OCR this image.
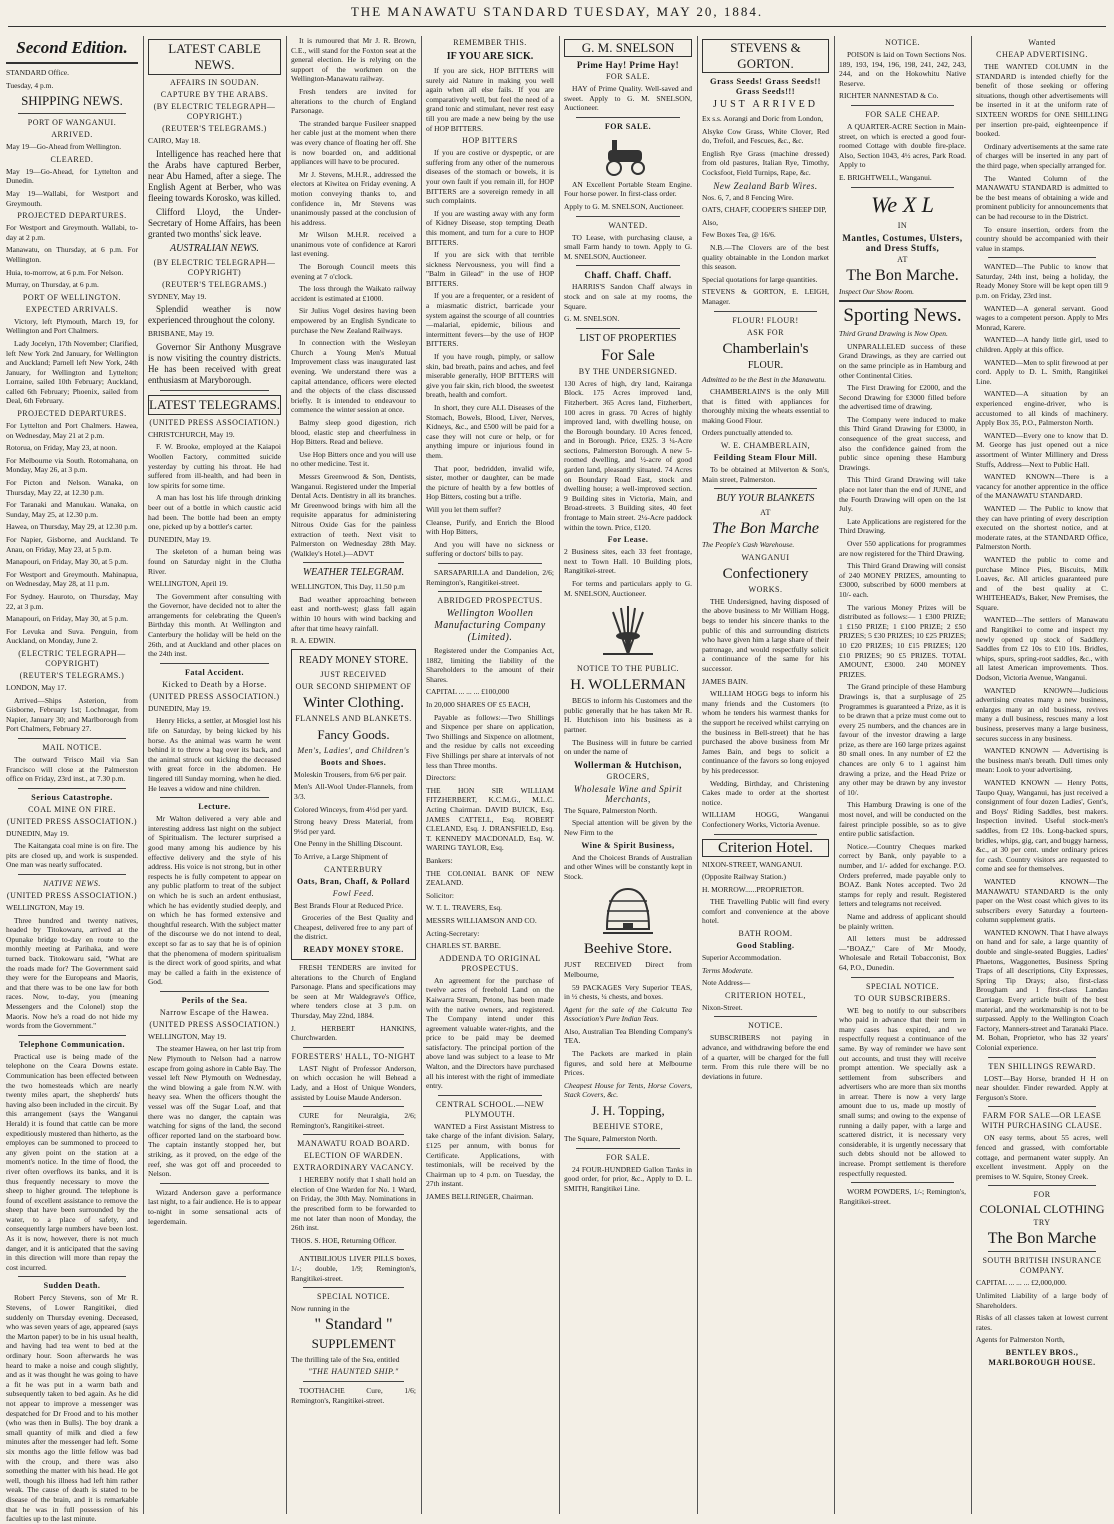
THE MANAWATU STANDARD TUESDAY, MAY 20, 1884.
Second Edition.

STANDARD Office.

Tuesday, 4 p.m.

SHIPPING NEWS.
PORT OF WANGANUI.
ARRIVED.

May 19—Go-Ahead from Wellington.

CLEARED.

May 19—Go-Ahead, for Lyttelton and Dunedin.

May 19—Wallabi, for Westport and Greymouth.

PROJECTED DEPARTURES.

For Westport and Greymouth. Wallabi, to-day at 2 p.m.

Manawatu, on Thursday, at 6 p.m. For Wellington.

Huia, to-morrow, at 6 p.m. For Nelson.

Murray, on Thursday, at 6 p.m.

PORT OF WELLINGTON.
EXPECTED ARRIVALS.

Victory, left Plymouth, March 19, for Wellington and Port Chalmers.

Lady Jocelyn, 17th November; Clarified, left New York 2nd January, for Wellington and Auckland; Parnell left New York, 24th January, for Wellington and Lyttelton; Lorraine, sailed 10th February; Auckland, called 6th February; Phoenix, sailed from Deal, 6th February.

PROJECTED DEPARTURES.

For Lyttelton and Port Chalmers. Hawea, on Wednesday, May 21 at 2 p.m.

Rotorua, on Friday, May 23, at noon.

For Melbourne via South. Rotomahana, on Monday, May 26, at 3 p.m.

For Picton and Nelson. Wanaka, on Thursday, May 22, at 12.30 p.m.

For Taranaki and Manukau. Wanaka, on Sunday, May 25, at 12.30 p.m.

Hawea, on Thursday, May 29, at 12.30 p.m.

For Napier, Gisborne, and Auckland. Te Anau, on Friday, May 23, at 5 p.m.

Manapouri, on Friday, May 30, at 5 p.m.

For Westport and Greymouth. Mahinapua, on Wednesday, May 28, at 11 p.m.

For Sydney. Hauroto, on Thursday, May 22, at 3 p.m.

Manapouri, on Friday, May 30, at 5 p.m.

For Levuka and Suva. Penguin, from Auckland, on Monday, June 2.

(ELECTRIC TELEGRAPH—COPYRIGHT)
(REUTER'S TELEGRAMS.)

LONDON, May 17.

Arrived—Ships Asterion, from Gisborne, February 1st; Lochnagar, from Napier, January 30; and Marlborough from Port Chalmers, February 27.

MAIL NOTICE.

The outward 'Frisco Mail via San Francisco will close at the Palmerston office on Friday, 23rd inst., at 7.30 p.m.

Serious Catastrophe.
COAL MINE ON FIRE.
(UNITED PRESS ASSOCIATION.)

DUNEDIN, May 19.

The Kaitangata coal mine is on fire. The pits are closed up, and work is suspended. One man was nearly suffocated.

NATIVE NEWS.
(UNITED PRESS ASSOCIATION.)

WELLINGTON, May 19.

Three hundred and twenty natives, headed by Titokowaru, arrived at the Opunake bridge to-day en route to the monthly meeting at Parihaka, and were turned back. Titokowaru said, "What are the roads made for? The Government said they were for the Europeans and Maoris, and that there was to be one law for both races. Now, to-day, you (meaning Messengers and the Colonel) stop the Maoris. Now he's a road do not hide my words from the Government."

Telephone Communication.

Practical use is being made of the telephone on the Ceara Downs estate. Communication has been effected between the two homesteads which are nearly twenty miles apart, the shepherds' huts having also been included in the circuit. By this arrangement (says the Wanganui Herald) it is found that cattle can be more expeditiously mustered than hitherto, as the employes can be summoned to proceed to any given point on the station at a moment's notice. In the time of flood, the river often overflows its banks, and it is thus frequently necessary to move the sheep to higher ground. The telephone is found of excellent assistance to remove the sheep that have been surrounded by the water, to a place of safety, and consequently large numbers have been lost. As it is now, however, there is not much danger, and it is anticipated that the saving in this direction will more than repay the cost incurred.

Sudden Death.

Robert Percy Stevens, son of Mr R. Stevens, of Lower Rangitikei, died suddenly on Thursday evening. Deceased, who was seven years of age, appeared (says the Marton paper) to be in his usual health, and having had tea went to bed at the ordinary hour. Soon afterwards he was heard to make a noise and cough slightly, and as it was thought he was going to have a fit he was put in a warm bath and subsequently taken to bed again. As he did not appear to improve a messenger was despatched for Dr Frood and to his mother (who was then in Bulls). The boy drank a small quantity of milk and died a few minutes after the messenger had left. Some six months ago the little fellow was bad with the croup, and there was also something the matter with his head. He got well, though his illness had left him rather weak. The cause of death is stated to be disease of the brain, and it is remarkable that he was in full possession of his faculties up to the last minute.

LATEST CABLE NEWS.
AFFAIRS IN SOUDAN.
CAPTURE BY THE ARABS.
(BY ELECTRIC TELEGRAPH—COPYRIGHT.)
(REUTER'S TELEGRAMS.)

CAIRO, May 18.

Intelligence has reached here that the Arabs have captured Berber, near Abu Hamed, after a siege. The English Agent at Berber, who was fleeing towards Korosko, was killed.

Clifford Lloyd, the Under-Secretary of Home Affairs, has been granted two months' sick leave.

AUSTRALIAN NEWS.
(BY ELECTRIC TELEGRAPH—COPYRIGHT)
(REUTER'S TELEGRAMS.)

SYDNEY, May 19.

Splendid weather is now experienced throughout the colony.

BRISBANE, May 19.

Governor Sir Anthony Musgrave is now visiting the country districts. He has been received with great enthusiasm at Maryborough.

LATEST TELEGRAMS.
(UNITED PRESS ASSOCIATION.)

CHRISTCHURCH, May 19.

F. W. Brooke, employed at the Kaiapoi Woollen Factory, committed suicide yesterday by cutting his throat. He had suffered from ill-health, and had been in low spirits for some time.

A man has lost his life through drinking beer out of a bottle in which caustic acid had been. The bottle had been an empty one, picked up by a bottler's carter.

DUNEDIN, May 19.

The skeleton of a human being was found on Saturday night in the Clutha River.

WELLINGTON, April 19.

The Government after consulting with the Governor, have decided not to alter the arrangements for celebrating the Queen's Birthday this month. At Wellington and Canterbury the holiday will be held on the 26th, and at Auckland and other places on the 24th inst.

Fatal Accident.
Kicked to Death by a Horse.
(UNITED PRESS ASSOCIATION.)

DUNEDIN, May 19.

Henry Hicks, a settler, at Mosgiel lost his life on Saturday, by being kicked by his horse. As the animal was warm he went behind it to throw a bag over its back, and the animal struck out kicking the deceased with great force in the abdomen. He lingered till Sunday morning, when he died. He leaves a widow and nine children.

Lecture.

Mr Walton delivered a very able and interesting address last night on the subject of Spiritualism. The lecturer surprised a good many among his audience by his effective delivery and the style of his address. His voice is not strong, but in other respects he is fully competent to appear on any public platform to treat of the subject on which he is such an ardent enthusiast, which he has evidently studied deeply, and on which he has formed extensive and thoughtful research. With the subject matter of the discourse we do not intend to deal, except so far as to say that he is of opinion that the phenomena of modern spiritualism is the direct work of good spirits, and what may be called a faith in the existence of God.

Perils of the Sea.
Narrow Escape of the Hawea.
(UNITED PRESS ASSOCIATION.)

WELLINGTON, May 19.

The steamer Hawea, on her last trip from New Plymouth to Nelson had a narrow escape from going ashore in Cable Bay. The vessel left New Plymouth on Wednesday, the wind blowing a gale from N.W. with heavy sea. When the officers thought the vessel was off the Sugar Loaf, and that there was no danger, the captain was watching for signs of the land, the second officer reported land on the starboard bow. The captain instantly stopped her, but striking, as it proved, on the edge of the reef, she was got off and proceeded to Nelson.

Wizard Anderson gave a performance last night, to a fair audience. He is to appear to-night in some sensational acts of legerdemain.

It is rumoured that Mr J. R. Brown, C.E., will stand for the Foxton seat at the general election. He is relying on the support of the workmen on the Wellington-Manawatu railway.

Fresh tenders are invited for alterations to the church of England Parsonage.

The stranded barque Fusileer snapped her cable just at the moment when there was every chance of floating her off. She is now boarded on, and additional appliances will have to be procured.

Mr J. Stevens, M.H.R., addressed the electors at Kiwitea on Friday evening. A motion conveying thanks to, and confidence in, Mr Stevens was unanimously passed at the conclusion of his address.

Mr Wilson M.H.R. received a unanimous vote of confidence at Karori last evening.

The Borough Council meets this evening at 7 o'clock.

The loss through the Waikato railway accident is estimated at £1000.

Sir Julius Vogel desires having been empowered by an English Syndicate to purchase the New Zealand Railways.

In connection with the Wesleyan Church a Young Men's Mutual Improvement class was inaugurated last evening. We understand there was a capital attendance, officers were elected and the objects of the class discussed briefly. It is intended to endeavour to commence the winter session at once.

Balmy sleep good digestion, rich blood, elastic step and cheerfulness in Hop Bitters. Read and believe.

Use Hop Bitters once and you will use no other medicine. Test it.

Messrs Greenwood & Son, Dentists, Wanganui. Registered under the Imperial Dental Acts. Dentistry in all its branches. Mr Greenwood brings with him all the requisite apparatus for administering Nitrous Oxide Gas for the painless extraction of teeth. Next visit to Palmerston on Wednesday 28th May. (Walkley's Hotel.)—ADVT

WEATHER TELEGRAM.

WELLINGTON, This Day, 11.50 p.m

Bad weather approaching between east and north-west; glass fall again within 10 hours with wind backing and after that time heavy rainfall.

R. A. EDWIN.

READY MONEY STORE.
JUST RECEIVED
OUR SECOND SHIPMENT OF
Winter Clothing.
FLANNELS AND BLANKETS.
Fancy Goods.
Men's, Ladies', and Children's
Boots and Shoes.

Moleskin Trousers, from 6/6 per pair.

Men's All-Wool Under-Flannels, from 3/3.

Colored Winceys, from 4½d per yard.

Strong heavy Dress Material, from 9½d per yard.

One Penny in the Shilling Discount.

To Arrive, a Large Shipment of

CANTERBURY
Oats, Bran, Chaff, & Pollard
Fowl Feed.

Best Brands Flour at Reduced Price.

Groceries of the Best Quality and Cheapest, delivered free to any part of the district.

READY MONEY STORE.

FRESH TENDERS are invited for alterations to the Church of England Parsonage. Plans and specifications may be seen at Mr Waldegrave's Office, where tenders close at 3 p.m. on Thursday, May 22nd, 1884.

J. HERBERT HANKINS, Churchwarden.

FORESTERS' HALL, TO-NIGHT

LAST Night of Professor Anderson, on which occasion he will Behead a Lady, and a Host of Unique Wonders, assisted by Louise Maude Anderson.

CURE for Neuralgia, 2/6; Remington's, Rangitikei-street.

MANAWATU ROAD BOARD.
ELECTION OF WARDEN.
EXTRAORDINARY VACANCY.

I HEREBY notify that I shall hold an election of One Warden for No. 1 Ward, on Friday, the 30th May. Nominations in the prescribed form to be forwarded to me not later than noon of Monday, the 26th inst.

THOS. S. HOE, Returning Officer.

ANTIBILIOUS LIVER PILLS boxes, 1/-; double, 1/9; Remington's, Rangitikei-street.

SPECIAL NOTICE.

Now running in the

" Standard "
SUPPLEMENT

The thrilling tale of the Sea, entitled

"THE HAUNTED SHIP."

TOOTHACHE Cure, 1/6; Remington's, Rangitikei-street.

REMEMBER THIS.
IF YOU ARE SICK.

If you are sick, HOP BITTERS will surely aid Nature in making you well again when all else fails. If you are comparatively well, but feel the need of a grand tonic and stimulant, never rest easy till you are made a new being by the use of HOP BITTERS.

HOP BITTERS

If you are costive or dyspeptic, or are suffering from any other of the numerous diseases of the stomach or bowels, it is your own fault if you remain ill, for HOP BITTERS are a sovereign remedy in all such complaints.

If you are wasting away with any form of Kidney Disease, stop tempting Death this moment, and turn for a cure to HOP BITTERS.

If you are sick with that terrible sickness Nervousness, you will find a "Balm in Gilead" in the use of HOP BITTERS.

If you are a frequenter, or a resident of a miasmatic district, barricade your system against the scourge of all countries—malarial, epidemic, bilious and intermittent fevers—by the use of HOP BITTERS.

If you have rough, pimply, or sallow skin, bad breath, pains and aches, and feel miserable generally, HOP BITTERS will give you fair skin, rich blood, the sweetest breath, health and comfort.

In short, they cure ALL Diseases of the Stomach, Bowels, Blood, Liver, Nerves, Kidneys, &c., and £500 will be paid for a case they will not cure or help, or for anything impure or injurious found in them.

That poor, bedridden, invalid wife, sister, mother or daughter, can be made the picture of health by a few bottles of Hop Bitters, costing but a trifle.

Will you let them suffer?

Cleanse, Purify, and Enrich the Blood with Hop Bitters,

And you will have no sickness or suffering or doctors' bills to pay.

SARSAPARILLA and Dandelion, 2/6; Remington's, Rangitikei-street.

ABRIDGED PROSPECTUS.
Wellington Woollen Manufacturing Company (Limited).

Registered under the Companies Act, 1882, limiting the liability of the Shareholders to the amount of their Shares.

CAPITAL ... ... ... £100,000

In 20,000 SHARES OF £5 EACH,

Payable as follows:—Two Shillings and Sixpence per share on application, Two Shillings and Sixpence on allotment, and the residue by calls not exceeding Five Shillings per share at intervals of not less than Three months.

Directors:

THE HON SIR WILLIAM FITZHERBERT, K.C.M.G., M.L.C. Acting Chairman. DAVID BUICK, Esq. JAMES CATTELL, Esq. ROBERT CLELAND, Esq. J. DRANSFIELD, Esq. T. KENNEDY MACDONALD, Esq. W. WARING TAYLOR, Esq.

Bankers:

THE COLONIAL BANK OF NEW ZEALAND.

Solicitor:

W. T. L. TRAVERS, Esq.

MESSRS WILLIAMSON AND CO.

Acting-Secretary:

CHARLES ST. BARBE.

ADDENDA TO ORIGINAL PROSPECTUS.

An agreement for the purchase of twelve acres of freehold Land on the Kaiwarra Stream, Petone, has been made with the native owners, and registered. The Company intend under this agreement valuable water-rights, and the price to be paid may be deemed satisfactory. The principal portion of the above land was subject to a lease to Mr Walton, and the Directors have purchased all his interest with the right of immediate entry.

CENTRAL SCHOOL.—NEW PLYMOUTH.

WANTED a First Assistant Mistress to take charge of the infant division. Salary, £125 per annum, with bonus for Certificate. Applications, with testimonials, will be received by the Chairman up to 4 p.m. on Tuesday, the 27th instant.

JAMES BELLRINGER, Chairman.

G. M. SNELSON
Prime Hay! Prime Hay!
FOR SALE.

HAY of Prime Quality. Well-saved and sweet. Apply to G. M. SNELSON, Auctioneer.

FOR SALE.

AN Excellent Portable Steam Engine. Four horse power. In first-class order.

Apply to G. M. SNELSON, Auctioneer.

WANTED.

TO Lease, with purchasing clause, a small Farm handy to town. Apply to G. M. SNELSON, Auctioneer.

Chaff. Chaff. Chaff.

HARRIS'S Sandon Chaff always in stock and on sale at my rooms, the Square.

G. M. SNELSON.

LIST OF PROPERTIES
For Sale
BY THE UNDERSIGNED.

130 Acres of high, dry land, Kairanga Block. 175 Acres improved land, Fitzherbert. 365 Acres land, Fitzherbert, 100 acres in grass. 70 Acres of highly improved land, with dwelling house, on the Borough boundary. 10 Acres fenced, and in Borough. Price, £325. 3 ¼-Acre sections, Palmerston Borough. A new 5-roomed dwelling, and ½-acre of good garden land, pleasantly situated. 74 Acres on Boundary Road East, stock and dwelling house; a well-improved section. 9 Building sites in Victoria, Main, and Broad-streets. 3 Building sites, 40 feet frontage to Main street. 2¼-Acre paddock within the town. Price, £120.

For Lease.

2 Business sites, each 33 feet frontage, next to Town Hall. 10 Building plots, Rangitikei-street.

For terms and particulars apply to G. M. SNELSON, Auctioneer.

NOTICE TO THE PUBLIC.
H. WOLLERMAN

BEGS to inform his Customers and the public generally that he has taken Mr R. H. Hutchison into his business as a partner.

The Business will in future be carried on under the name of

Wollerman & Hutchison,
GROCERS,
Wholesale Wine and Spirit Merchants,

The Square, Palmerston North.

Special attention will be given by the New Firm to the

Wine & Spirit Business,

And the Choicest Brands of Australian and other Wines will be constantly kept in Stock.

Beehive Store.

JUST RECEIVED Direct from Melbourne,

59 PACKAGES Very Superior TEAS, in ½ chests, ¼ chests, and boxes.

Agent for the sale of the Calcutta Tea Association's Pure Indian Teas.

Also, Australian Tea Blending Company's TEA.

The Packets are marked in plain figures, and sold here at Melbourne Prices.

Cheapest House for Tents, Horse Covers, Stack Covers, &c.

J. H. Topping,
BEEHIVE STORE,

The Square, Palmerston North.

FOR SALE.

24 FOUR-HUNDRED Gallon Tanks in good order, for prior, &c., Apply to D. L. SMITH, Rangitikei Line.

STEVENS & GORTON.
Grass Seeds! Grass Seeds!! Grass Seeds!!!
JUST ARRIVED

Ex s.s. Aorangi and Doric from London,

Alsyke Cow Grass, White Clover, Red do, Trefoil, and Fescues, &c., &c.

English Rye Grass (machine dressed) from old pastures, Italian Rye, Timothy, Cocksfoot, Field Turnips, Rape, &c.

New Zealand Barb Wires.

Nos. 6, 7, and 8 Fencing Wire.

OATS, CHAFF, COOPER'S SHEEP DIP,

Also,

Few Boxes Tea, @ 16/6.

N.B.—The Clovers are of the best quality obtainable in the London market this season.

Special quotations for large quantities.

STEVENS & GORTON, E. LEIGH, Manager.

FLOUR! FLOUR!
ASK FOR
Chamberlain's
FLOUR.

Admitted to be the Best in the Manawatu.

CHAMBERLAIN'S is the only Mill that is fitted with appliances for thoroughly mixing the wheats essential to making Good Flour.

Orders punctually attended to.

W. E. CHAMBERLAIN,
Feilding Steam Flour Mill.

To be obtained at Milverton & Son's, Main street, Palmerston.

BUY YOUR BLANKETS
AT
The Bon Marche

The People's Cash Warehouse.

WANGANUI
Confectionery
WORKS.

THE Undersigned, having disposed of the above business to Mr William Hogg, begs to tender his sincere thanks to the public of this and surrounding districts who have given him a large share of their patronage, and would respectfully solicit a continuance of the same for his successor.

JAMES BAIN.

WILLIAM HOGG begs to inform his many friends and the Customers (to whom he tenders his warmest thanks for the support he received whilst carrying on the business in Bell-street) that he has purchased the above business from Mr James Bain, and begs to solicit a continuance of the favors so long enjoyed by his predecessor.

Wedding, Birthday, and Christening Cakes made to order at the shortest notice.

WILLIAM HOGG, Wanganui Confectionery Works, Victoria Avenue.

Criterion Hotel.

NIXON-STREET, WANGANUI.

(Opposite Railway Station.)

H. MORROW......PROPRIETOR.

THE Travelling Public will find every comfort and convenience at the above hotel.

BATH ROOM.
Good Stabling.

Superior Accommodation.

Terms Moderate.

Note Address—

CRITERION HOTEL,

Nixon-Street.

NOTICE.

SUBSCRIBERS not paying in advance, and withdrawing before the end of a quarter, will be charged for the full term. From this rule there will be no deviations in future.

NOTICE.

POISON is laid on Town Sections Nos. 189, 193, 194, 196, 198, 241, 242, 243, 244, and on the Hokowhitu Native Reserve.

RICHTER NANNESTAD & Co.

FOR SALE CHEAP.

A QUARTER-ACRE Section in Main-street, on which is erected a good four-roomed Cottage with double fire-place. Also, Section 1043, 4½ acres, Park Road. Apply to

E. BRIGHTWELL, Wanganui.

We X L
IN
Mantles, Costumes, Ulsters, and Dress Stuffs,
AT
The Bon Marche.

Inspect Our Show Room.

Sporting News.

Third Grand Drawing is Now Open.

UNPARALLELED success of these Grand Drawings, as they are carried out on the same principle as in Hamburg and other Continental Cities.

The First Drawing for £2000, and the Second Drawing for £3000 filled before the advertised time of drawing.

The Company were induced to make this Third Grand Drawing for £3000, in consequence of the great success, and also the confidence gained from the public since opening these Hamburg Drawings.

This Third Grand Drawing will take place not later than the end of JUNE, and the Fourth Drawing will open on the 1st July.

Late Applications are registered for the Third Drawing.

Over 550 applications for programmes are now registered for the Third Drawing.

This Third Grand Drawing will consist of 240 MONEY PRIZES, amounting to £3000, subscribed by 6000 members at 10/- each.

The various Money Prizes will be distributed as follows:— 1 £300 PRIZE; 1 £150 PRIZE; 1 £100 PRIZE; 2 £50 PRIZES; 5 £30 PRIZES; 10 £25 PRIZES; 10 £20 PRIZES; 10 £15 PRIZES; 120 £10 PRIZES; 90 £5 PRIZES. TOTAL AMOUNT, £3000. 240 MONEY PRIZES.

The Grand principle of these Hamburg Drawings is, that a surplusage of 25 Programmes is guaranteed a Prize, as it is to be drawn that a prize must come out to every 25 numbers, and the chances are in favour of the investor drawing a large prize, as there are 160 large prizes against 80 small ones. In any number of £2 the chances are only 6 to 1 against him drawing a prize, and the Head Prize or any other may be drawn by any investor of 10/.

This Hamburg Drawing is one of the most novel, and will be conducted on the fairest principle possible, so as to give entire public satisfaction.

Notice.—Country Cheques marked correct by Bank, only payable to a number, and 1/- added for exchange. P.O. Orders preferred, made payable only to BOAZ. Bank Notes accepted. Two 2d stamps for reply and result. Registered letters and telegrams not received.

Name and address of applicant should be plainly written.

All letters must be addressed—"BOAZ," Care of Mr Moody, Wholesale and Retail Tobacconist, Box 64, P.O., Dunedin.

SPECIAL NOTICE.
TO OUR SUBSCRIBERS.

WE beg to notify to our subscribers who paid in advance that their term in many cases has expired, and we respectfully request a continuance of the same. By way of reminder we have sent out accounts, and trust they will receive prompt attention. We specially ask a settlement from subscribers and advertisers who are more than six months in arrear. There is now a very large amount due to us, made up mostly of small sums; and owing to the expense of running a daily paper, with a large and scattered district, it is necessary very considerable, it is urgently necessary that such debts should not be allowed to increase. Prompt settlement is therefore respectfully requested.

WORM POWDERS, 1/-; Remington's, Rangitikei-street.

Wanted
CHEAP ADVERTISING.

THE WANTED COLUMN in the STANDARD is intended chiefly for the benefit of those seeking or offering situations, though other advertisements will be inserted in it at the uniform rate of SIXTEEN WORDS for ONE SHILLING per insertion pre-paid, eighteenpence if booked.

Ordinary advertisements at the same rate of charges will be inserted in any part of the third page, when specially arranged for.

The Wanted Column of the MANAWATU STANDARD is admitted to be the best means of obtaining a wide and prominent publicity for announcements that can be had recourse to in the District.

To ensure insertion, orders from the country should be accompanied with their value in stamps.

WANTED—The Public to know that Saturday, 24th inst, being a holiday, the Ready Money Store will be kept open till 9 p.m. on Friday, 23rd inst.

WANTED—A general servant. Good wages to a competent person. Apply to Mrs Monrad, Karere.

WANTED—A handy little girl, used to children. Apply at this office.

WANTED—Men to split firewood at per cord. Apply to D. L. Smith, Rangitikei Line.

WANTED—A situation by an experienced engine-driver, who is accustomed to all kinds of machinery. Apply Box 35, P.O., Palmerston North.

WANTED—Every one to know that D. M. George has just opened out a nice assortment of Winter Millinery and Dress Stuffs, Address—Next to Public Hall.

WANTED KNOWN—There is a vacancy for another apprentice in the office of the MANAWATU STANDARD.

WANTED — The Public to know that they can have printing of every description executed on the shortest notice, and at moderate rates, at the STANDARD Office, Palmerston North.

WANTED the public to come and purchase Mince Pies, Biscuits, Milk Loaves, &c. All articles guaranteed pure and of the best quality at C. WHITEHEAD's, Baker, New Premises, the Square.

WANTED—The settlers of Manawatu and Rangitikei to come and inspect my newly opened up stock of Saddlery. Saddles from £2 10s to £10 10s. Bridles, whips, spurs, spring-root saddles, &c., with all latest American improvements. Thos. Dodson, Victoria Avenue, Wanganui.

WANTED KNOWN—Judicious advertising creates many a new business, enlarges many an old business, revives many a dull business, rescues many a lost business, preserves many a large business, secures success in any business.

WANTED KNOWN — Advertising is the business man's breath. Dull times only mean: Look to your advertising.

WANTED KNOWN — Henry Potts, Taupo Quay, Wanganui, has just received a consignment of four dozen Ladies', Gent's, and Boys' Riding Saddles, best makers. Inspection invited. Useful stock-men's saddles, from £2 10s. Long-backed spurs, bridles, whips, gig, cart, and buggy harness, &c., at 30 per cent. under ordinary prices for cash. Country visitors are requested to come and see for themselves.

WANTED KNOWN—The MANAWATU STANDARD is the only paper on the West coast which gives to its subscribers every Saturday a fourteen-column supplement gratis.

WANTED KNOWN. That I have always on hand and for sale, a large quantity of double and single-seated Buggies, Ladies' Phaetons, Waggonettes, Business Spring Traps of all descriptions, City Expresses, Spring Tip Drays; also, first-class Brougham and 1 first-class Landau Carriage. Every article built of the best material, and the workmanship is not to be surpassed. Apply to the Wellington Coach Factory, Manners-street and Taranaki Place. M. Bohan, Proprietor, who has 32 years' Colonial experience.

TEN SHILLINGS REWARD.

LOST—Bay Horse, branded H H on near shoulder. Finder rewarded. Apply at Ferguson's Store.

FARM FOR SALE—OR LEASE WITH PURCHASING CLAUSE.

ON easy terms, about 55 acres, well fenced and grassed, with comfortable cottage, and permanent water supply. An excellent investment. Apply on the premises to W. Squire, Stoney Creek.

FOR
COLONIAL CLOTHING
TRY
The Bon Marche
SOUTH BRITISH INSURANCE COMPANY.

CAPITAL ... ... ... £2,000,000.

Unlimited Liability of a large body of Shareholders.

Risks of all classes taken at lowest current rates.

Agents for Palmerston North,

BENTLEY BROS., MARLBOROUGH HOUSE.
